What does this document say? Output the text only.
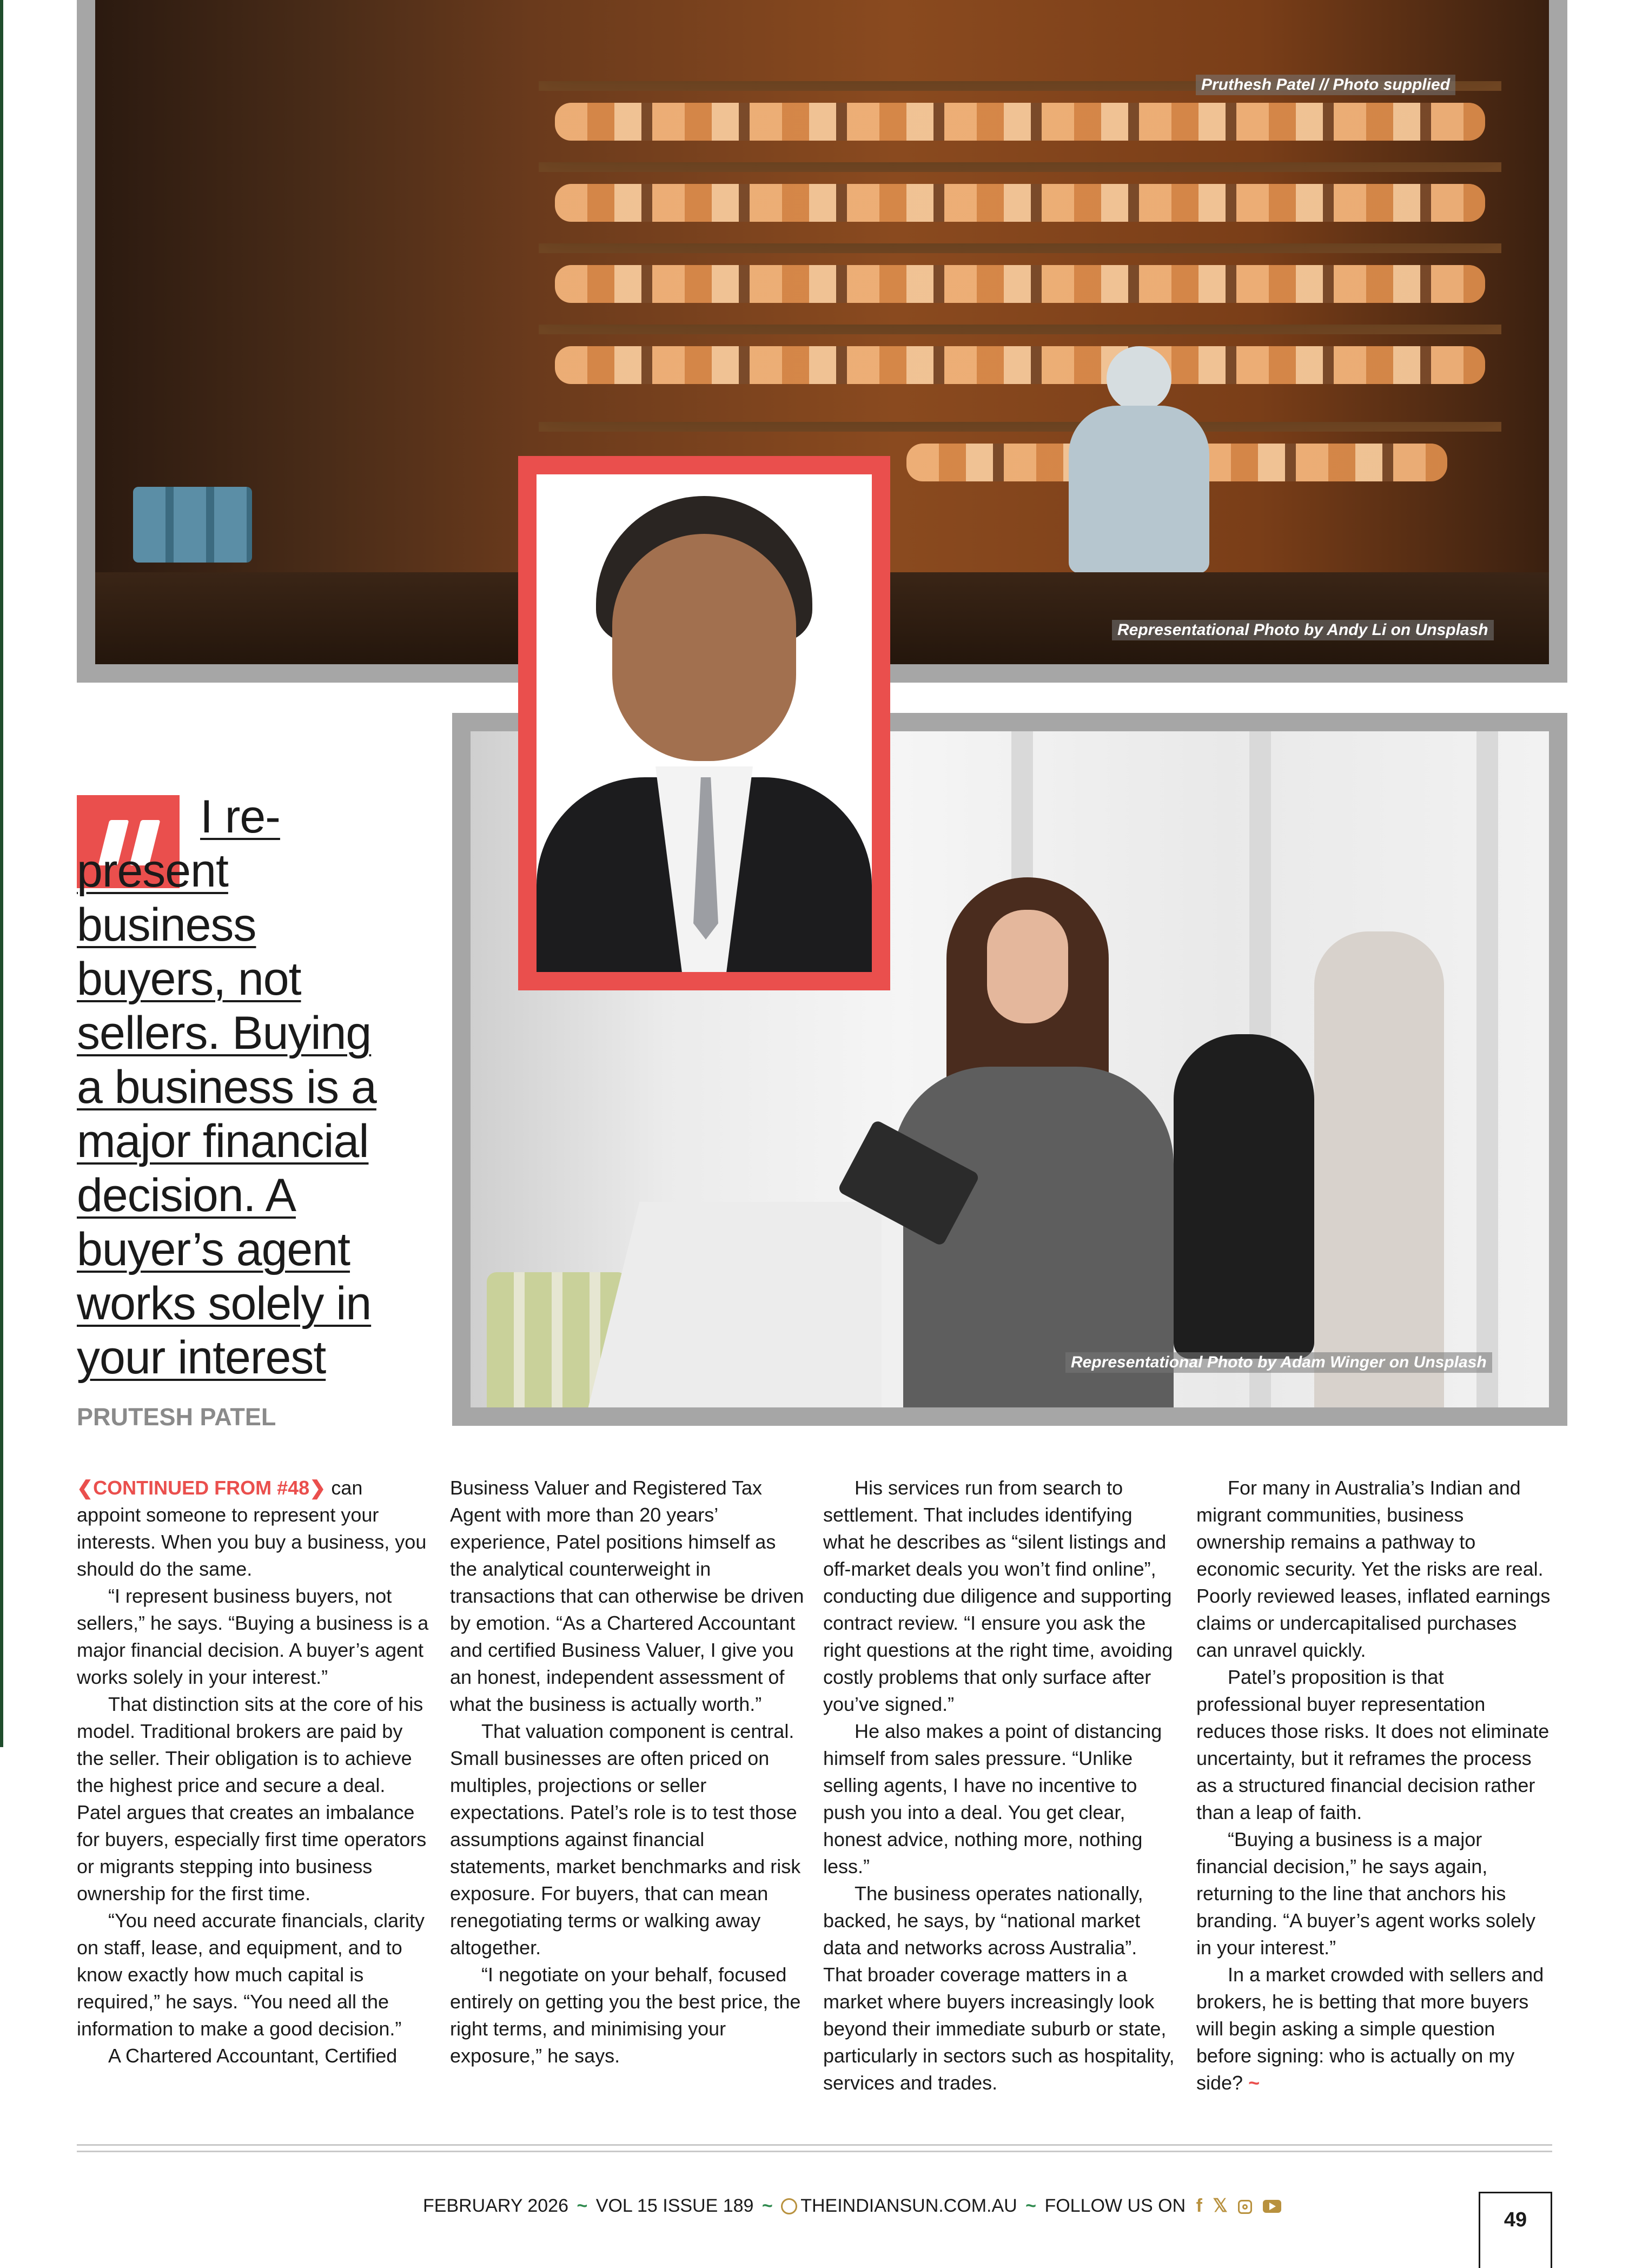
Pruthesh Patel // Photo supplied
Representational Photo by Andy Li on Unsplash
Representational Photo by Adam Winger on Unsplash
I re- present business buyers, not sellers. Buying a business is a major financial decision. A buyer’s agent works solely in your interest
PRUTESH PATEL

❮CONTINUED FROM #48❯ can appoint someone to represent your interests. When you buy a business, you should do the same.

“I represent business buyers, not sellers,” he says. “Buying a business is a major financial decision. A buyer’s agent works solely in your interest.”

That distinction sits at the core of his model. Traditional brokers are paid by the seller. Their obligation is to achieve the highest price and secure a deal. Patel argues that creates an imbalance for buyers, especially first time operators or migrants stepping into business ownership for the first time.

“You need accurate financials, clarity on staff, lease, and equipment, and to know exactly how much capital is required,” he says. “You need all the information to make a good decision.”

A Chartered Accountant, Certified

Business Valuer and Registered Tax Agent with more than 20 years’ experience, Patel positions himself as the analytical counterweight in transactions that can otherwise be driven by emotion. “As a Chartered Accountant and certified Business Valuer, I give you an honest, independent assessment of what the business is actually worth.”

That valuation component is central. Small businesses are often priced on multiples, projections or seller expectations. Patel’s role is to test those assumptions against financial statements, market benchmarks and risk exposure. For buyers, that can mean renegotiating terms or walking away altogether.

“I negotiate on your behalf, focused entirely on getting you the best price, the right terms, and minimising your exposure,” he says.

His services run from search to settlement. That includes identifying what he describes as “silent listings and off-market deals you won’t find online”, conducting due diligence and supporting contract review. “I ensure you ask the right questions at the right time, avoiding costly problems that only surface after you’ve signed.”

He also makes a point of distancing himself from sales pressure. “Unlike selling agents, I have no incentive to push you into a deal. You get clear, honest advice, nothing more, nothing less.”

The business operates nationally, backed, he says, by “national market data and networks across Australia”. That broader coverage matters in a market where buyers increasingly look beyond their immediate suburb or state, particularly in sectors such as hospitality, services and trades.

For many in Australia’s Indian and migrant communities, business ownership remains a pathway to economic security. Yet the risks are real. Poorly reviewed leases, inflated earnings claims or undercapitalised purchases can unravel quickly.

Patel’s proposition is that professional buyer representation reduces those risks. It does not eliminate uncertainty, but it reframes the process as a structured financial decision rather than a leap of faith.

“Buying a business is a major financial decision,” he says again, returning to the line that anchors his branding. “A buyer’s agent works solely in your interest.”

In a market crowded with sellers and brokers, he is betting that more buyers will begin asking a simple question before signing: who is actually on my side? ~

FEBRUARY 2026 ~ VOL 15 ISSUE 189 ~ THEINDIANSUN.COM.AU ~ FOLLOW US ON f 𝕏
49
